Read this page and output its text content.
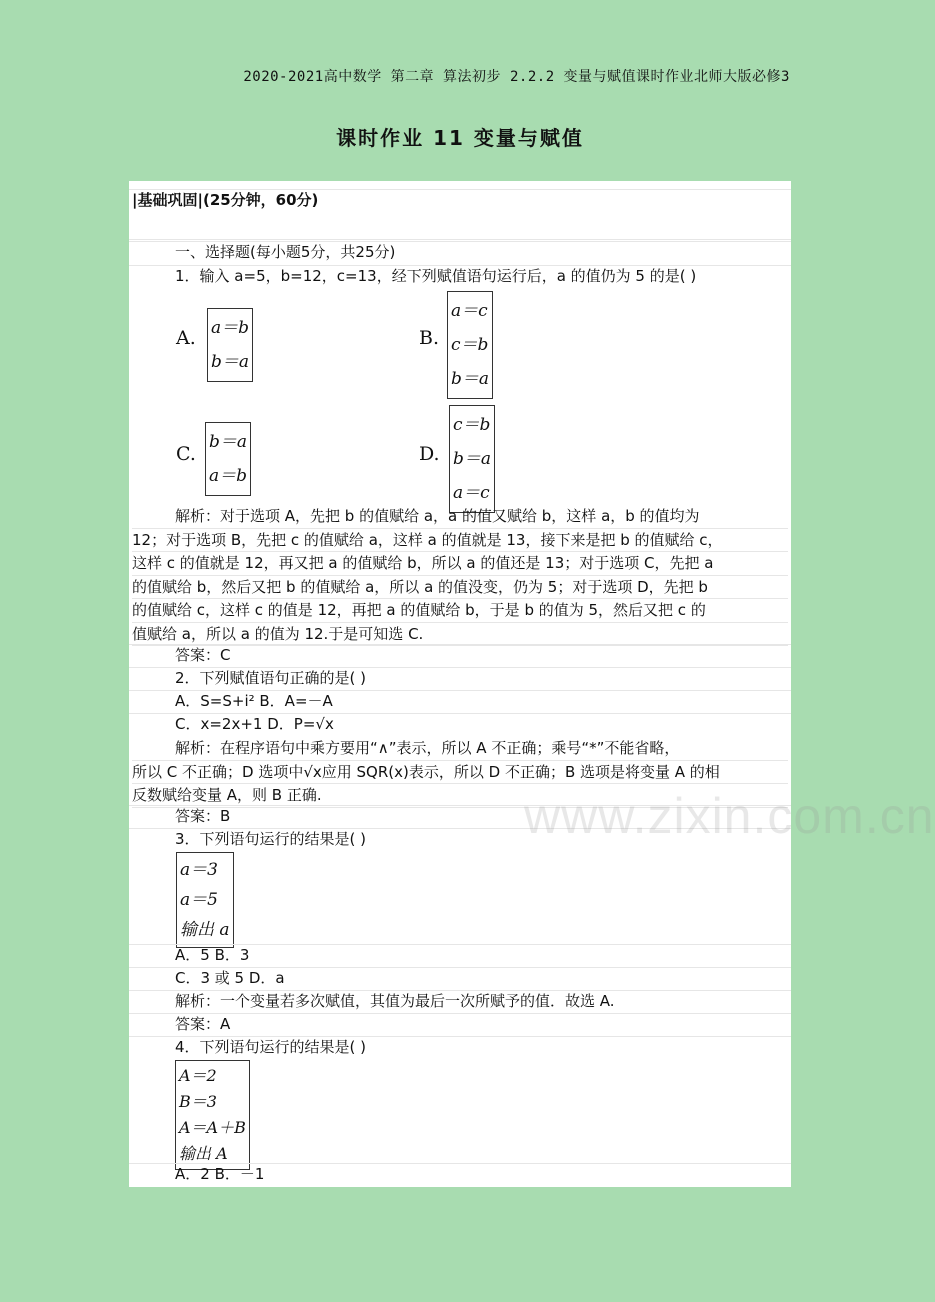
2020-2021高中数学 第二章 算法初步 2.2.2 变量与赋值课时作业北师大版必修3
课时作业 11 变量与赋值
|基础巩固|(25分钟，60分)
一、选择题(每小题5分，共25分)
1．输入 a=5，b=12，c=13，经下列赋值语句运行后，a 的值仍为 5 的是( )
A. a＝b
b＝a
B.
a＝c
c＝b
b＝a
C.
b＝a
a＝b
D.
c＝b
b＝a
a＝c
解析：对于选项 A，先把 b 的值赋给 a，a 的值又赋给 b，这样 a，b 的值均为
12；对于选项 B，先把 c 的值赋给 a，这样 a 的值就是 13，接下来是把 b 的值赋给 c，
这样 c 的值就是 12，再又把 a 的值赋给 b，所以 a 的值还是 13；对于选项 C，先把 a
的值赋给 b，然后又把 b 的值赋给 a，所以 a 的值没变，仍为 5；对于选项 D，先把 b
的值赋给 c，这样 c 的值是 12，再把 a 的值赋给 b，于是 b 的值为 5，然后又把 c 的
值赋给 a，所以 a 的值为 12.于是可知选 C.
答案：C
2．下列赋值语句正确的是( )
A．S=S+i² B．A=－A
C．x=2x+1 D．P=√x
解析：在程序语句中乘方要用“∧”表示，所以 A 不正确；乘号“*”不能省略，
所以 C 不正确；D 选项中√x应用 SQR(x)表示，所以 D 不正确；B 选项是将变量 A 的相
反数赋给变量 A，则 B 正确.
答案：B
3．下列语句运行的结果是( )
a＝3
a＝5
输出 a
A．5 B．3
C．3 或 5 D．a
解析：一个变量若多次赋值，其值为最后一次所赋予的值．故选 A.
答案：A
4．下列语句运行的结果是( )
A＝2
B＝3
A＝A＋B
输出 A
A．2 B．－1
www.zixin.com.cn
